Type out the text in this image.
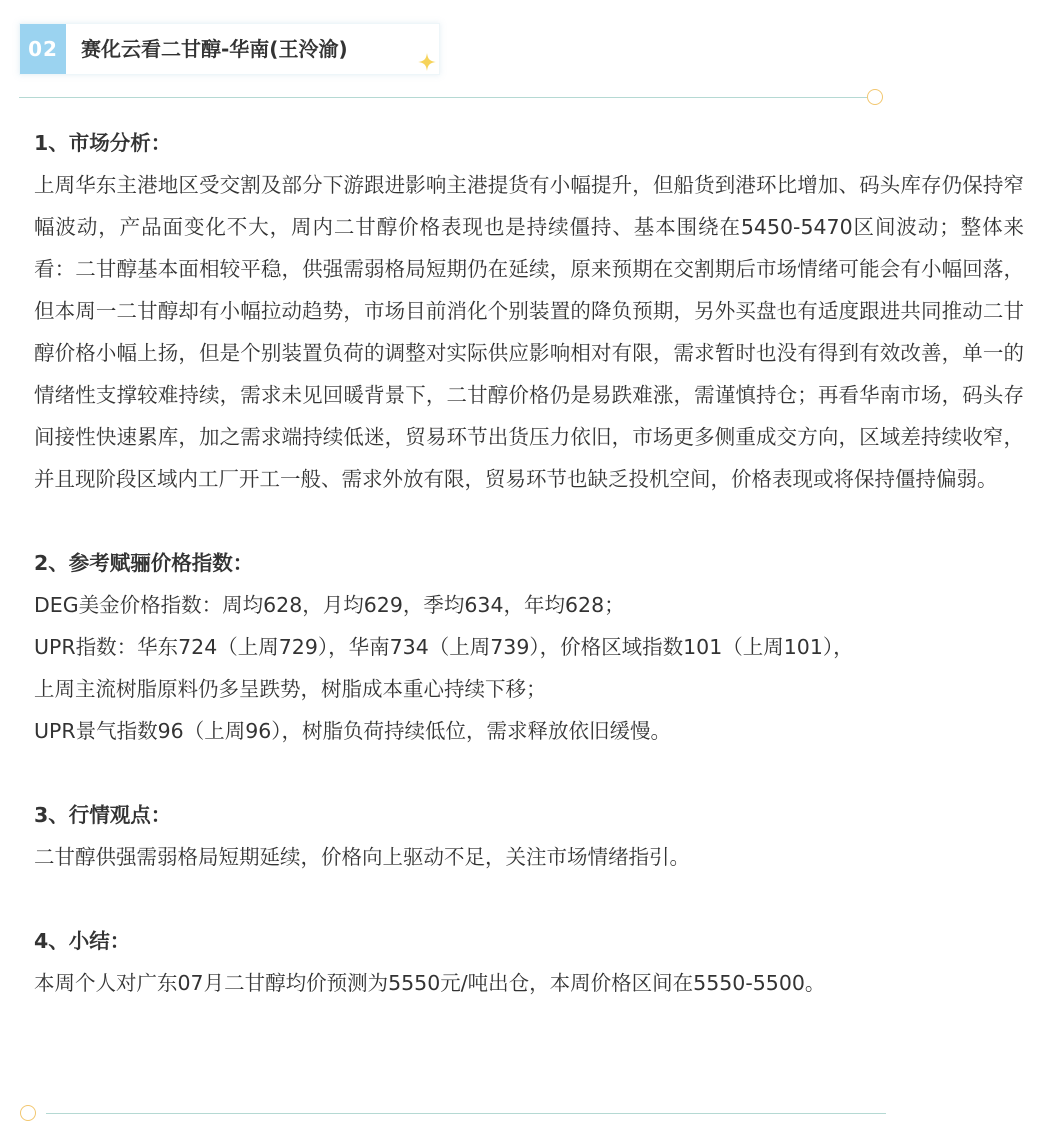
02	赛化云看二甘醇-华南(王泠渝)

1、市场分析：

上周华东主港地区受交割及部分下游跟进影响主港提货有小幅提升，但船货到港环比增加、码头库存仍保持窄幅波动，产品面变化不大，周内二甘醇价格表现也是持续僵持、基本围绕在5450-5470区间波动；整体来看：二甘醇基本面相较平稳，供强需弱格局短期仍在延续，原来预期在交割期后市场情绪可能会有小幅回落，但本周一二甘醇却有小幅拉动趋势，市场目前消化个别装置的降负预期，另外买盘也有适度跟进共同推动二甘醇价格小幅上扬，但是个别装置负荷的调整对实际供应影响相对有限，需求暂时也没有得到有效改善，单一的情绪性支撑较难持续，需求未见回暖背景下，二甘醇价格仍是易跌难涨，需谨慎持仓；再看华南市场，码头存间接性快速累库，加之需求端持续低迷，贸易环节出货压力依旧，市场更多侧重成交方向，区域差持续收窄，并且现阶段区域内工厂开工一般、需求外放有限，贸易环节也缺乏投机空间，价格表现或将保持僵持偏弱。

2、参考赋骊价格指数：

DEG美金价格指数：周均628，月均629，季均634，年均628；

UPR指数：华东724（上周729），华南734（上周739），价格区域指数101（上周101），

上周主流树脂原料仍多呈跌势，树脂成本重心持续下移；

UPR景气指数96（上周96），树脂负荷持续低位，需求释放依旧缓慢。

3、行情观点：

二甘醇供强需弱格局短期延续，价格向上驱动不足，关注市场情绪指引。

4、小结：

本周个人对广东07月二甘醇均价预测为5550元/吨出仓，本周价格区间在5550-5500。
